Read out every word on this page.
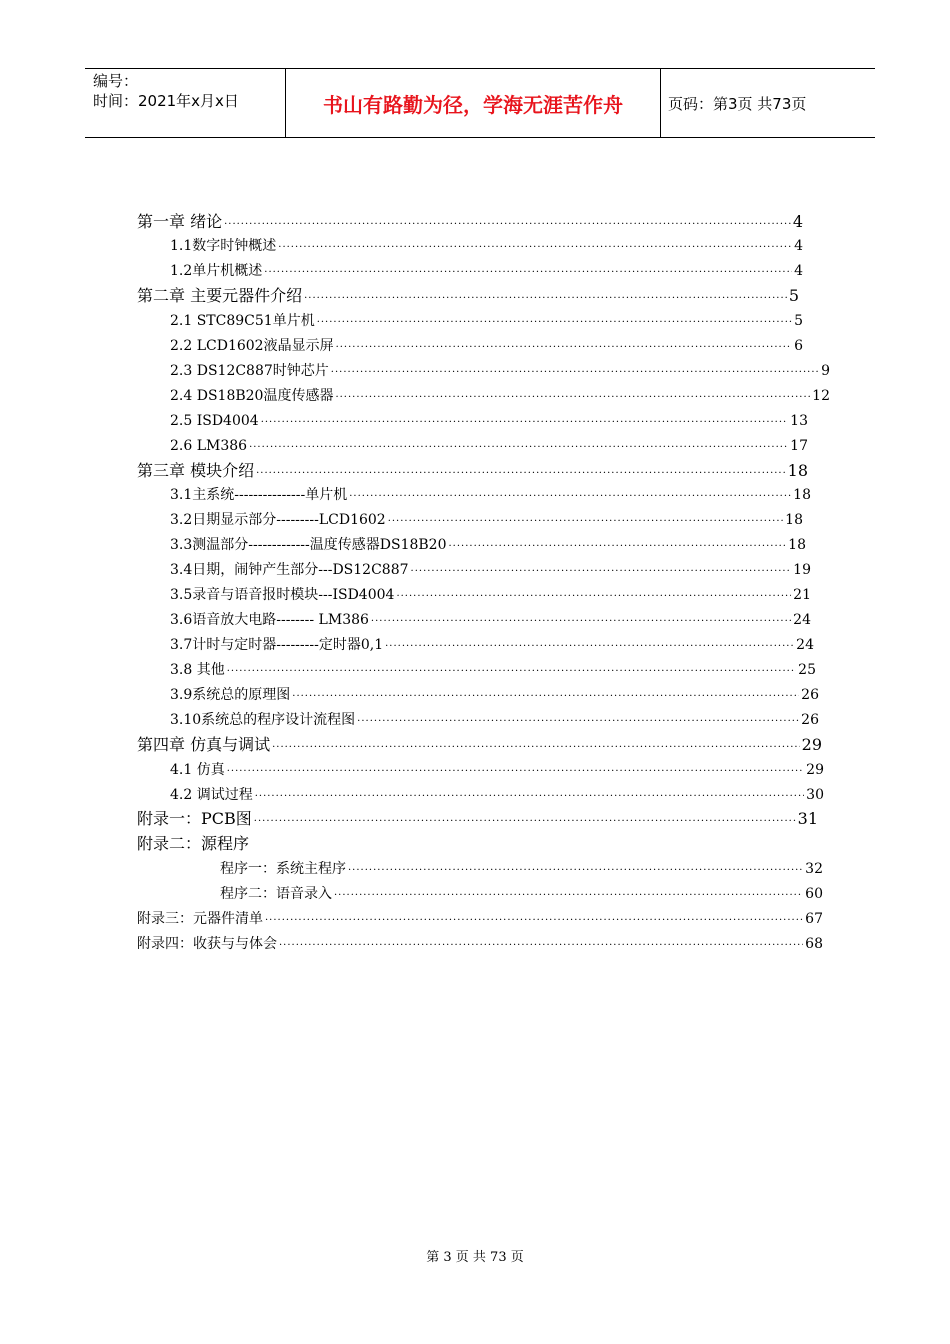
编号：
时间：2021年x月x日	书山有路勤为径，学海无涯苦作舟	页码：第3页 共73页
第一章 绪论 ·····	4
1.1数字时钟概述 ·····	4
1.2单片机概述 ·····	4
第二章 主要元器件介绍 ·····	5
2.1 STC89C51单片机 ·····	5
2.2 LCD1602液晶显示屏 ·····	6
2.3 DS12C887时钟芯片 ·····	9
2.4 DS18B20温度传感器 ·····	12
2.5 ISD4004 ·····	13
2.6 LM386 ·····	17
第三章 模块介绍 ·····	18
3.1主系统---------------单片机 ·····	18
3.2日期显示部分---------LCD1602 ·····	18
3.3测温部分-------------温度传感器DS18B20 ·····	18
3.4日期，闹钟产生部分---DS12C887 ·····	19
3.5录音与语音报时模块---ISD4004 ·····	21
3.6语音放大电路-------- LM386 ·····	24
3.7计时与定时器---------定时器0,1 ·····	24
3.8 其他 ·····	25
3.9系统总的原理图 ·····	26
3.10系统总的程序设计流程图 ·····	26
第四章 仿真与调试 ·····	29
4.1 仿真 ·····	29
4.2 调试过程 ·····	30
附录一：PCB图 ·····	31
附录二：源程序
程序一：系统主程序 ·····	32
程序二：语音录入 ·····	60
附录三：元器件清单 ·····	67
附录四：收获与与体会 ·····	68
第 3 页 共 73 页
